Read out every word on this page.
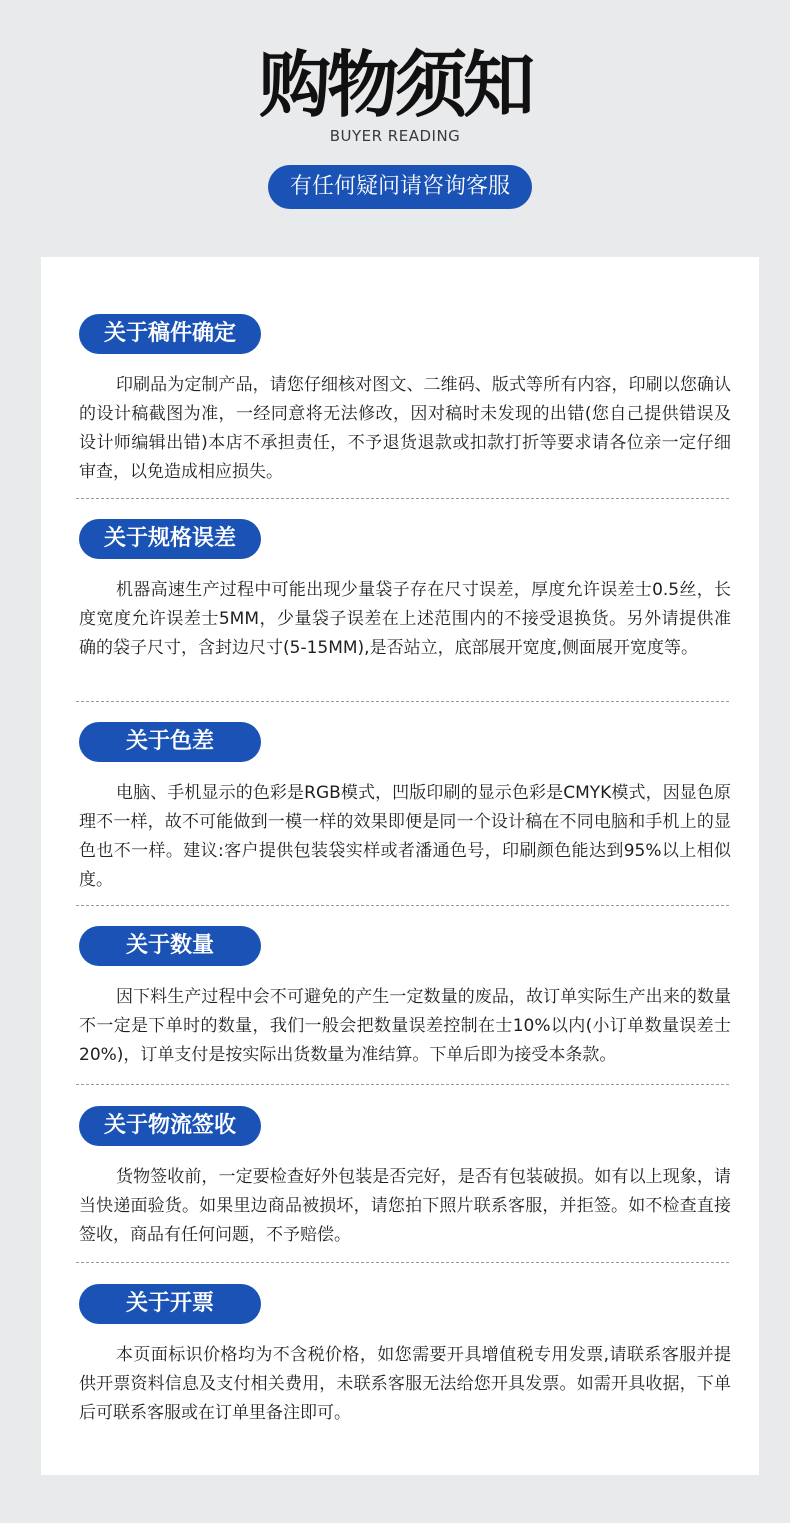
购物须知
BUYER READING
有任何疑问请咨询客服
关于稿件确定

印刷品为定制产品，请您仔细核对图文、二维码、版式等所有内容，印刷以您确认的设计稿截图为准，一经同意将无法修改，因对稿时未发现的出错(您自己提供错误及设计师编辑出错)本店不承担责任，不予退货退款或扣款打折等要求请各位亲一定仔细审查，以免造成相应损失。

关于规格误差

机器高速生产过程中可能出现少量袋子存在尺寸误差，厚度允许误差士0.5丝，长度宽度允许误差士5MM，少量袋子误差在上述范围内的不接受退换货。另外请提供准确的袋子尺寸，含封边尺寸(5-15MM),是否站立，底部展开宽度,侧面展开宽度等。

关于色差

电脑、手机显示的色彩是RGB模式，凹版印刷的显示色彩是CMYK模式，因显色原理不一样，故不可能做到一模一样的效果即便是同一个设计稿在不同电脑和手机上的显色也不一样。建议:客户提供包装袋实样或者潘通色号，印刷颜色能达到95%以上相似度。

关于数量

因下料生产过程中会不可避免的产生一定数量的废品，故订单实际生产出来的数量不一定是下单时的数量，我们一般会把数量误差控制在士10%以内(小订单数量误差士20%)，订单支付是按实际出货数量为准结算。下单后即为接受本条款。

关于物流签收

货物签收前，一定要检查好外包装是否完好，是否有包装破损。如有以上现象，请当快递面验货。如果里边商品被损坏，请您拍下照片联系客服，并拒签。如不检查直接签收，商品有任何问题，不予赔偿。

关于开票

本页面标识价格均为不含税价格，如您需要开具增值税专用发票,请联系客服并提供开票资料信息及支付相关费用，未联系客服无法给您开具发票。如需开具收据，下单后可联系客服或在订单里备注即可。
